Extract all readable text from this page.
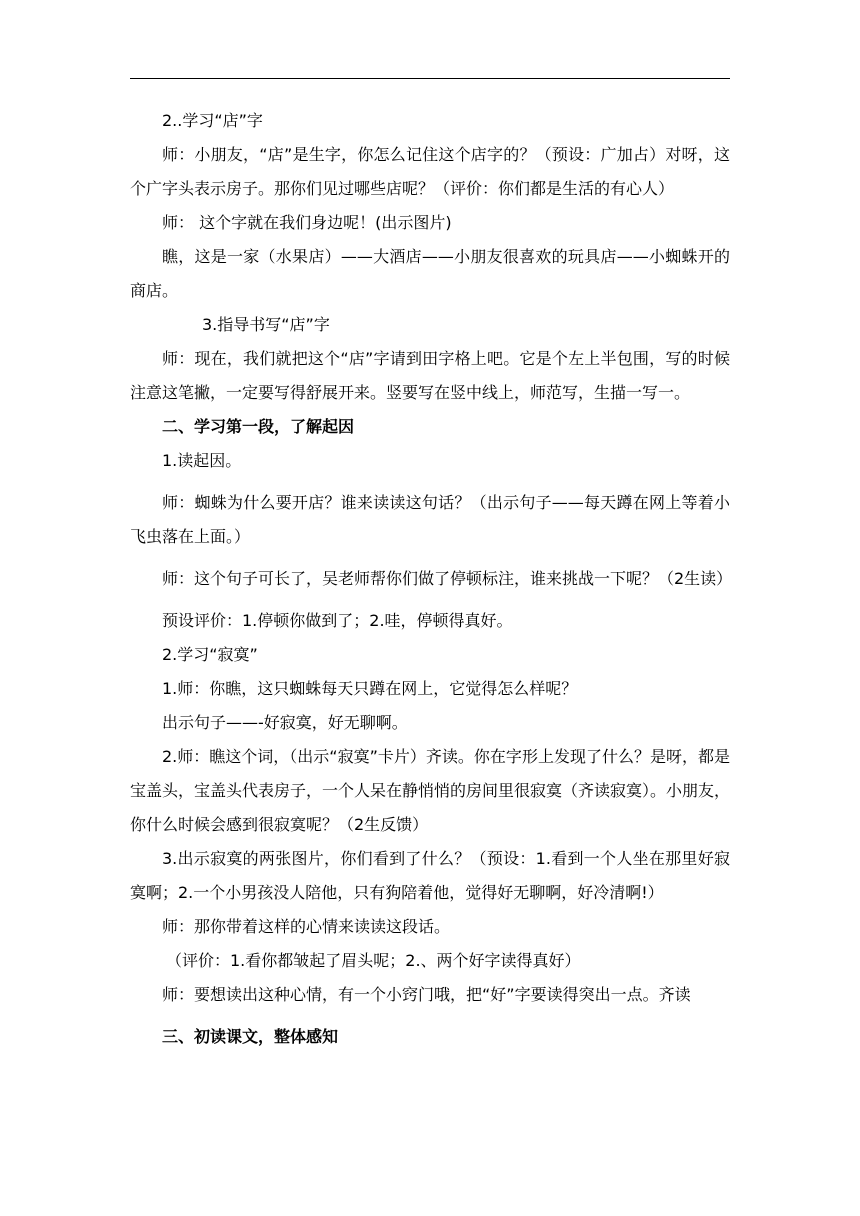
2..学习“店”字

师：小朋友，“店”是生字，你怎么记住这个店字的？（预设：广加占）对呀，这个广字头表示房子。那你们见过哪些店呢？（评价：你们都是生活的有心人）

师： 这个字就在我们身边呢！(出示图片)

瞧，这是一家（水果店）——大酒店——小朋友很喜欢的玩具店——小蜘蛛开的商店。

3.指导书写“店”字

师：现在，我们就把这个“店”字请到田字格上吧。它是个左上半包围，写的时候注意这笔撇，一定要写得舒展开来。竖要写在竖中线上，师范写，生描一写一。

二、学习第一段，了解起因

1.读起因。

师：蜘蛛为什么要开店？谁来读读这句话？（出示句子——每天蹲在网上等着小飞虫落在上面。）

师：这个句子可长了，吴老师帮你们做了停顿标注，谁来挑战一下呢？（2生读）

预设评价：1.停顿你做到了；2.哇，停顿得真好。

2.学习“寂寞”

1.师：你瞧，这只蜘蛛每天只蹲在网上，它觉得怎么样呢？

出示句子——-好寂寞，好无聊啊。

2.师：瞧这个词，（出示“寂寞”卡片）齐读。你在字形上发现了什么？是呀，都是宝盖头，宝盖头代表房子，一个人呆在静悄悄的房间里很寂寞（齐读寂寞）。小朋友，你什么时候会感到很寂寞呢？（2生反馈）

3.出示寂寞的两张图片，你们看到了什么？（预设：1.看到一个人坐在那里好寂寞啊；2.一个小男孩没人陪他，只有狗陪着他，觉得好无聊啊，好冷清啊!）

师：那你带着这样的心情来读读这段话。

（评价：1.看你都皱起了眉头呢；2.、两个好字读得真好）

师：要想读出这种心情，有一个小窍门哦，把“好”字要读得突出一点。齐读

三、初读课文，整体感知
